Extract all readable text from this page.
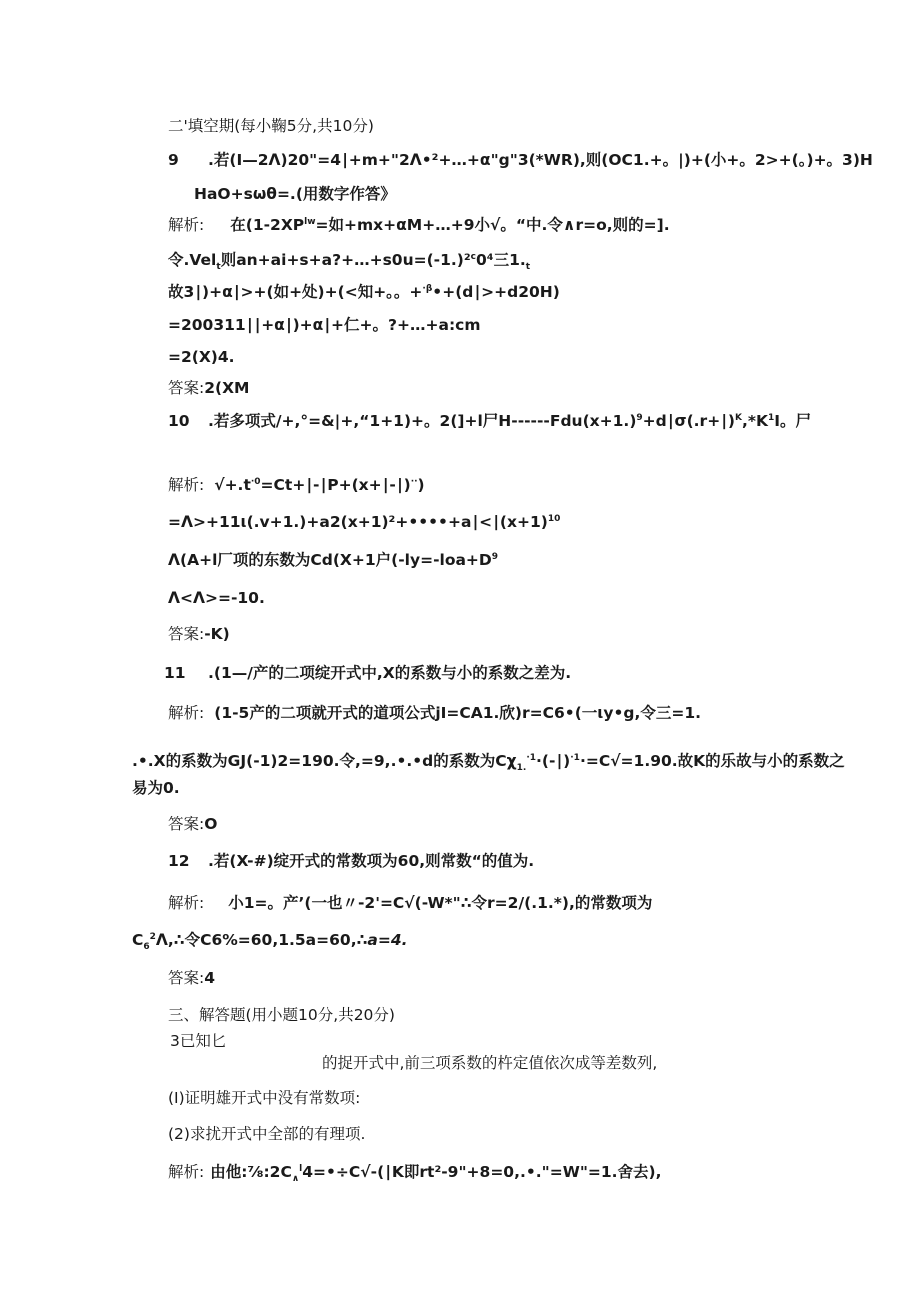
二'填空期(每小鞠5分,共10分)
9 .若(I—2Λ)20"=4∣+m+"2Λ•²+…+α"g"3(*WR),则(OC1.+。|)+(小+。2>+(。)+。3)H
HaO+sωθ=.(用数字作答》
解析: 在($1-2XP^{lw}=$如+mx+αM+…+9小√。“中.令∧r=o,则的=].
令.Vel$_t$则an+ai+s+a?+…+s0u=(-1.)²$^c$0⁴三$1._t$
故3∣)+α∣>+(如+处)+(<知+。。+$^{\cdot\beta}$•+(d∣>+d20H)
=200311∣∣+α∣)+α∣+仁+。?+…+a:cm
=2(X)4.
答案:2(XM
10 .若多项式/+,°=&|+,“1+1)+。2(]+l尸$H------Fdu(x+1.)^9+d∣\sigma(.r+∣)^K,*K^1I$。尸
解析: $√+.t^{\cdot 0}=Ct+∣-∣P+(x+∣-∣)^{\cdot\cdot}$)
$=\Lambda>+11\iota(.v+1.)+a2(x+1)^2+••••+a∣<∣(x+1)^{10}$
Λ(A+l厂项的东数为Cd(X+1户($-ly=-loa+D^9$
Λ<Λ>=-10.
答案:-K)
11 .(1—/产的二项绽开式中,X的系数与小的系数之差为.
解析: (1-5产的二项就开式的道项公式jI=CA1.欣)r=C6•(一ιy•g,令三=1.
.•.X的系数为GJ(-1)2=190.令,=9,.•.•d的系数为$C\chi_{1.}^{\cdot 1}\cdot(-∣)^{\cdot 1}\cdot=C√=1.90$.故K的乐故与小的系数之
易为0.
答案:O
12 .若(X-#)绽开式的常数项为60,则常数“的值为.
解析: 小1=。产’(一也〃-2'=C√(-W*"∴令r=2/(.1.*),的常数项为
$C_6^2\Lambda,\therefore$令C6%=60,1.5a=60,∴a=4.
答案:4
三、解答题(用小题10分,共20分)
3已知匕
的捉开式中,前三项系数的杵定值依次成等差数列,
(I)证明雄开式中没有常数项:
(2)求扰开式中全部的有理项.
解析: 由他$:\frac{7}{8}:2C_\wedge^l4=•\div C√-(∣K$即rt²-9"+8=0,.•."=W"=1.舍去),
